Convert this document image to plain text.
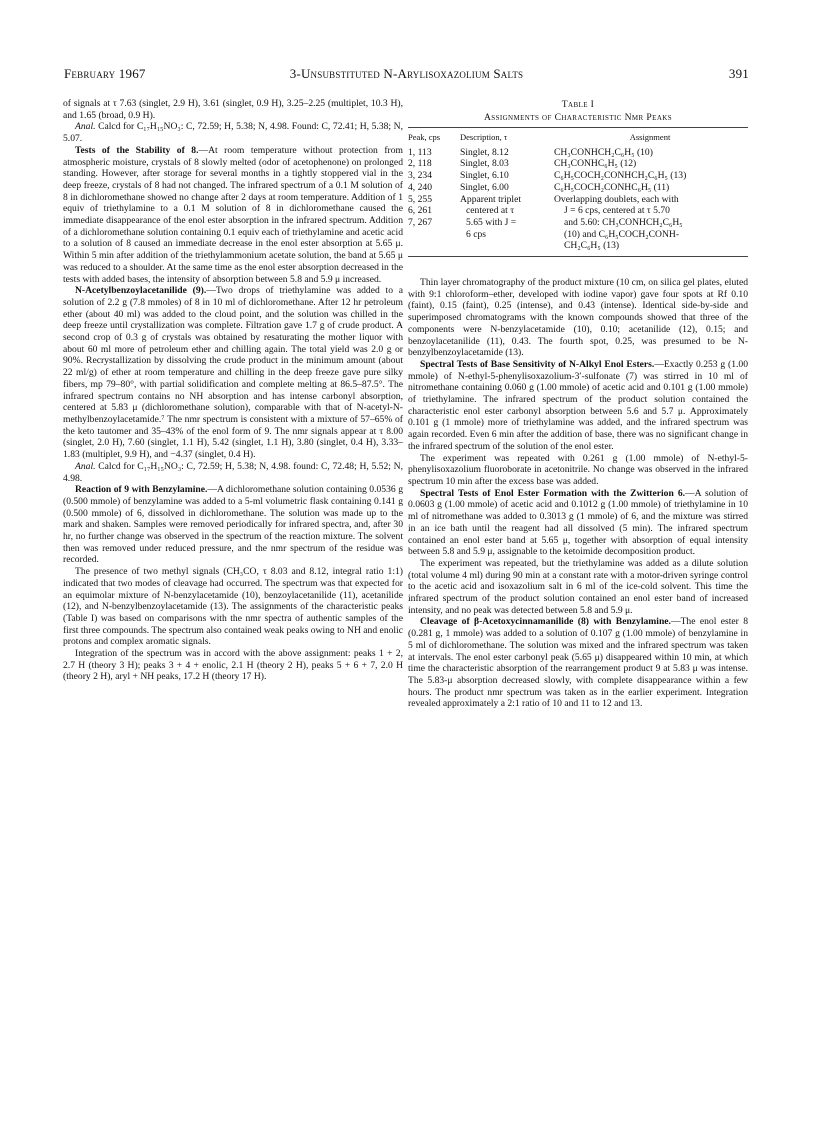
February 1967	3-Unsubstituted N-Arylisoxazolium Salts	391

of signals at τ 7.63 (singlet, 2.9 H), 3.61 (singlet, 0.9 H), 3.25–2.25 (multiplet, 10.3 H), and 1.65 (broad, 0.9 H).

Anal. Calcd for C₁₇H₁₅NO₃: C, 72.59; H, 5.38; N, 4.98. Found: C, 72.41; H, 5.38; N, 5.07.

Tests of the Stability of 8.—At room temperature without protection from atmospheric moisture, crystals of 8 slowly melted (odor of acetophenone) on prolonged standing. However, after storage for several months in a tightly stoppered vial in the deep freeze, crystals of 8 had not changed. The infrared spectrum of a 0.1 M solution of 8 in dichloromethane showed no change after 2 days at room temperature. Addition of 1 equiv of triethylamine to a 0.1 M solution of 8 in dichloromethane caused the immediate disappearance of the enol ester absorption in the infrared spectrum. Addition of a dichloromethane solution containing 0.1 equiv each of triethylamine and acetic acid to a solution of 8 caused an immediate decrease in the enol ester absorption at 5.65 μ. Within 5 min after addition of the triethylammonium acetate solution, the band at 5.65 μ was reduced to a shoulder. At the same time as the enol ester absorption decreased in the tests with added bases, the intensity of absorption between 5.8 and 5.9 μ increased.

N-Acetylbenzoylacetanilide (9).—Two drops of triethylamine was added to a solution of 2.2 g (7.8 mmoles) of 8 in 10 ml of dichloromethane. After 12 hr petroleum ether (about 40 ml) was added to the cloud point, and the solution was chilled in the deep freeze until crystallization was complete. Filtration gave 1.7 g of crude product. A second crop of 0.3 g of crystals was obtained by resaturating the mother liquor with about 60 ml more of petroleum ether and chilling again. The total yield was 2.0 g or 90%. Recrystallization by dissolving the crude product in the minimum amount (about 22 ml/g) of ether at room temperature and chilling in the deep freeze gave pure silky fibers, mp 79–80°, with partial solidification and complete melting at 86.5–87.5°. The infrared spectrum contains no NH absorption and has intense carbonyl absorption, centered at 5.83 μ (dichloromethane solution), comparable with that of N-acetyl-N-methylbenzoylacetamide.⁷ The nmr spectrum is consistent with a mixture of 57–65% of the keto tautomer and 35–43% of the enol form of 9. The nmr signals appear at τ 8.00 (singlet, 2.0 H), 7.60 (singlet, 1.1 H), 5.42 (singlet, 1.1 H), 3.80 (singlet, 0.4 H), 3.33–1.83 (multiplet, 9.9 H), and −4.37 (singlet, 0.4 H).

Anal. Calcd for C₁₇H₁₅NO₃: C, 72.59; H, 5.38; N, 4.98. found: C, 72.48; H, 5.52; N, 4.98.

Reaction of 9 with Benzylamine.—A dichloromethane solution containing 0.0536 g (0.500 mmole) of benzylamine was added to a 5-ml volumetric flask containing 0.141 g (0.500 mmole) of 6, dissolved in dichloromethane. The solution was made up to the mark and shaken. Samples were removed periodically for infrared spectra, and, after 30 hr, no further change was observed in the spectrum of the reaction mixture. The solvent then was removed under reduced pressure, and the nmr spectrum of the residue was recorded.

The presence of two methyl signals (CH₃CO, τ 8.03 and 8.12, integral ratio 1:1) indicated that two modes of cleavage had occurred. The spectrum was that expected for an equimolar mixture of N-benzylacetamide (10), benzoylacetanilide (11), acetanilide (12), and N-benzylbenzoylacetamide (13). The assignments of the characteristic peaks (Table I) was based on comparisons with the nmr spectra of authentic samples of the first three compounds. The spectrum also contained weak peaks owing to NH and enolic protons and complex aromatic signals.

Integration of the spectrum was in accord with the above assignment: peaks 1 + 2, 2.7 H (theory 3 H); peaks 3 + 4 + enolic, 2.1 H (theory 2 H), peaks 5 + 6 + 7, 2.0 H (theory 2 H), aryl + NH peaks, 17.2 H (theory 17 H).

Table I
Assignments of Characteristic Nmr Peaks
Peak, cps	Description, τ	Assignment
1, 113	Singlet, 8.12	CH₃CONHCH₂C₆H₅ (10)
2, 118	Singlet, 8.03	CH₃CONHC₆H₅ (12)
3, 234	Singlet, 6.10	C₆H₅COCH₂CONHCH₂C₆H₅ (13)
4, 240	Singlet, 6.00	C₆H₅COCH₂CONHC₆H₅ (11)
5, 255	Apparent triplet	Overlapping doublets, each with
6, 261	centered at τ	J = 6 cps, centered at τ 5.70
7, 267	5.65 with J =	and 5.60: CH₃CONHCH₂C₆H₅
	6 cps	(10) and C₆H₅COCH₂CONH-
		CH₂C₆H₅ (13)

Thin layer chromatography of the product mixture (10 cm, on silica gel plates, eluted with 9:1 chloroform–ether, developed with iodine vapor) gave four spots at Rf 0.10 (faint), 0.15 (faint), 0.25 (intense), and 0.43 (intense). Identical side-by-side and superimposed chromatograms with the known compounds showed that three of the components were N-benzylacetamide (10), 0.10; acetanilide (12), 0.15; and benzoylacetanilide (11), 0.43. The fourth spot, 0.25, was presumed to be N-benzylbenzoylacetamide (13).

Spectral Tests of Base Sensitivity of N-Alkyl Enol Esters.—Exactly 0.253 g (1.00 mmole) of N-ethyl-5-phenylisoxazolium-3′-sulfonate (7) was stirred in 10 ml of nitromethane containing 0.060 g (1.00 mmole) of acetic acid and 0.101 g (1.00 mmole) of triethylamine. The infrared spectrum of the product solution contained the characteristic enol ester carbonyl absorption between 5.6 and 5.7 μ. Approximately 0.101 g (1 mmole) more of triethylamine was added, and the infrared spectrum was again recorded. Even 6 min after the addition of base, there was no significant change in the infrared spectrum of the solution of the enol ester.

The experiment was repeated with 0.261 g (1.00 mmole) of N-ethyl-5-phenylisoxazolium fluoroborate in acetonitrile. No change was observed in the infrared spectrum 10 min after the excess base was added.

Spectral Tests of Enol Ester Formation with the Zwitterion 6.—A solution of 0.0603 g (1.00 mmole) of acetic acid and 0.1012 g (1.00 mmole) of triethylamine in 10 ml of nitromethane was added to 0.3013 g (1 mmole) of 6, and the mixture was stirred in an ice bath until the reagent had all dissolved (5 min). The infrared spectrum contained an enol ester band at 5.65 μ, together with absorption of equal intensity between 5.8 and 5.9 μ, assignable to the ketoimide decomposition product.

The experiment was repeated, but the triethylamine was added as a dilute solution (total volume 4 ml) during 90 min at a constant rate with a motor-driven syringe control to the acetic acid and isoxazolium salt in 6 ml of the ice-cold solvent. This time the infrared spectrum of the product solution contained an enol ester band of increased intensity, and no peak was detected between 5.8 and 5.9 μ.

Cleavage of β-Acetoxycinnamanilide (8) with Benzylamine.—The enol ester 8 (0.281 g, 1 mmole) was added to a solution of 0.107 g (1.00 mmole) of benzylamine in 5 ml of dichloromethane. The solution was mixed and the infrared spectrum was taken at intervals. The enol ester carbonyl peak (5.65 μ) disappeared within 10 min, at which time the characteristic absorption of the rearrangement product 9 at 5.83 μ was intense. The 5.83-μ absorption decreased slowly, with complete disappearance within a few hours. The product nmr spectrum was taken as in the earlier experiment. Integration revealed approximately a 2:1 ratio of 10 and 11 to 12 and 13.
